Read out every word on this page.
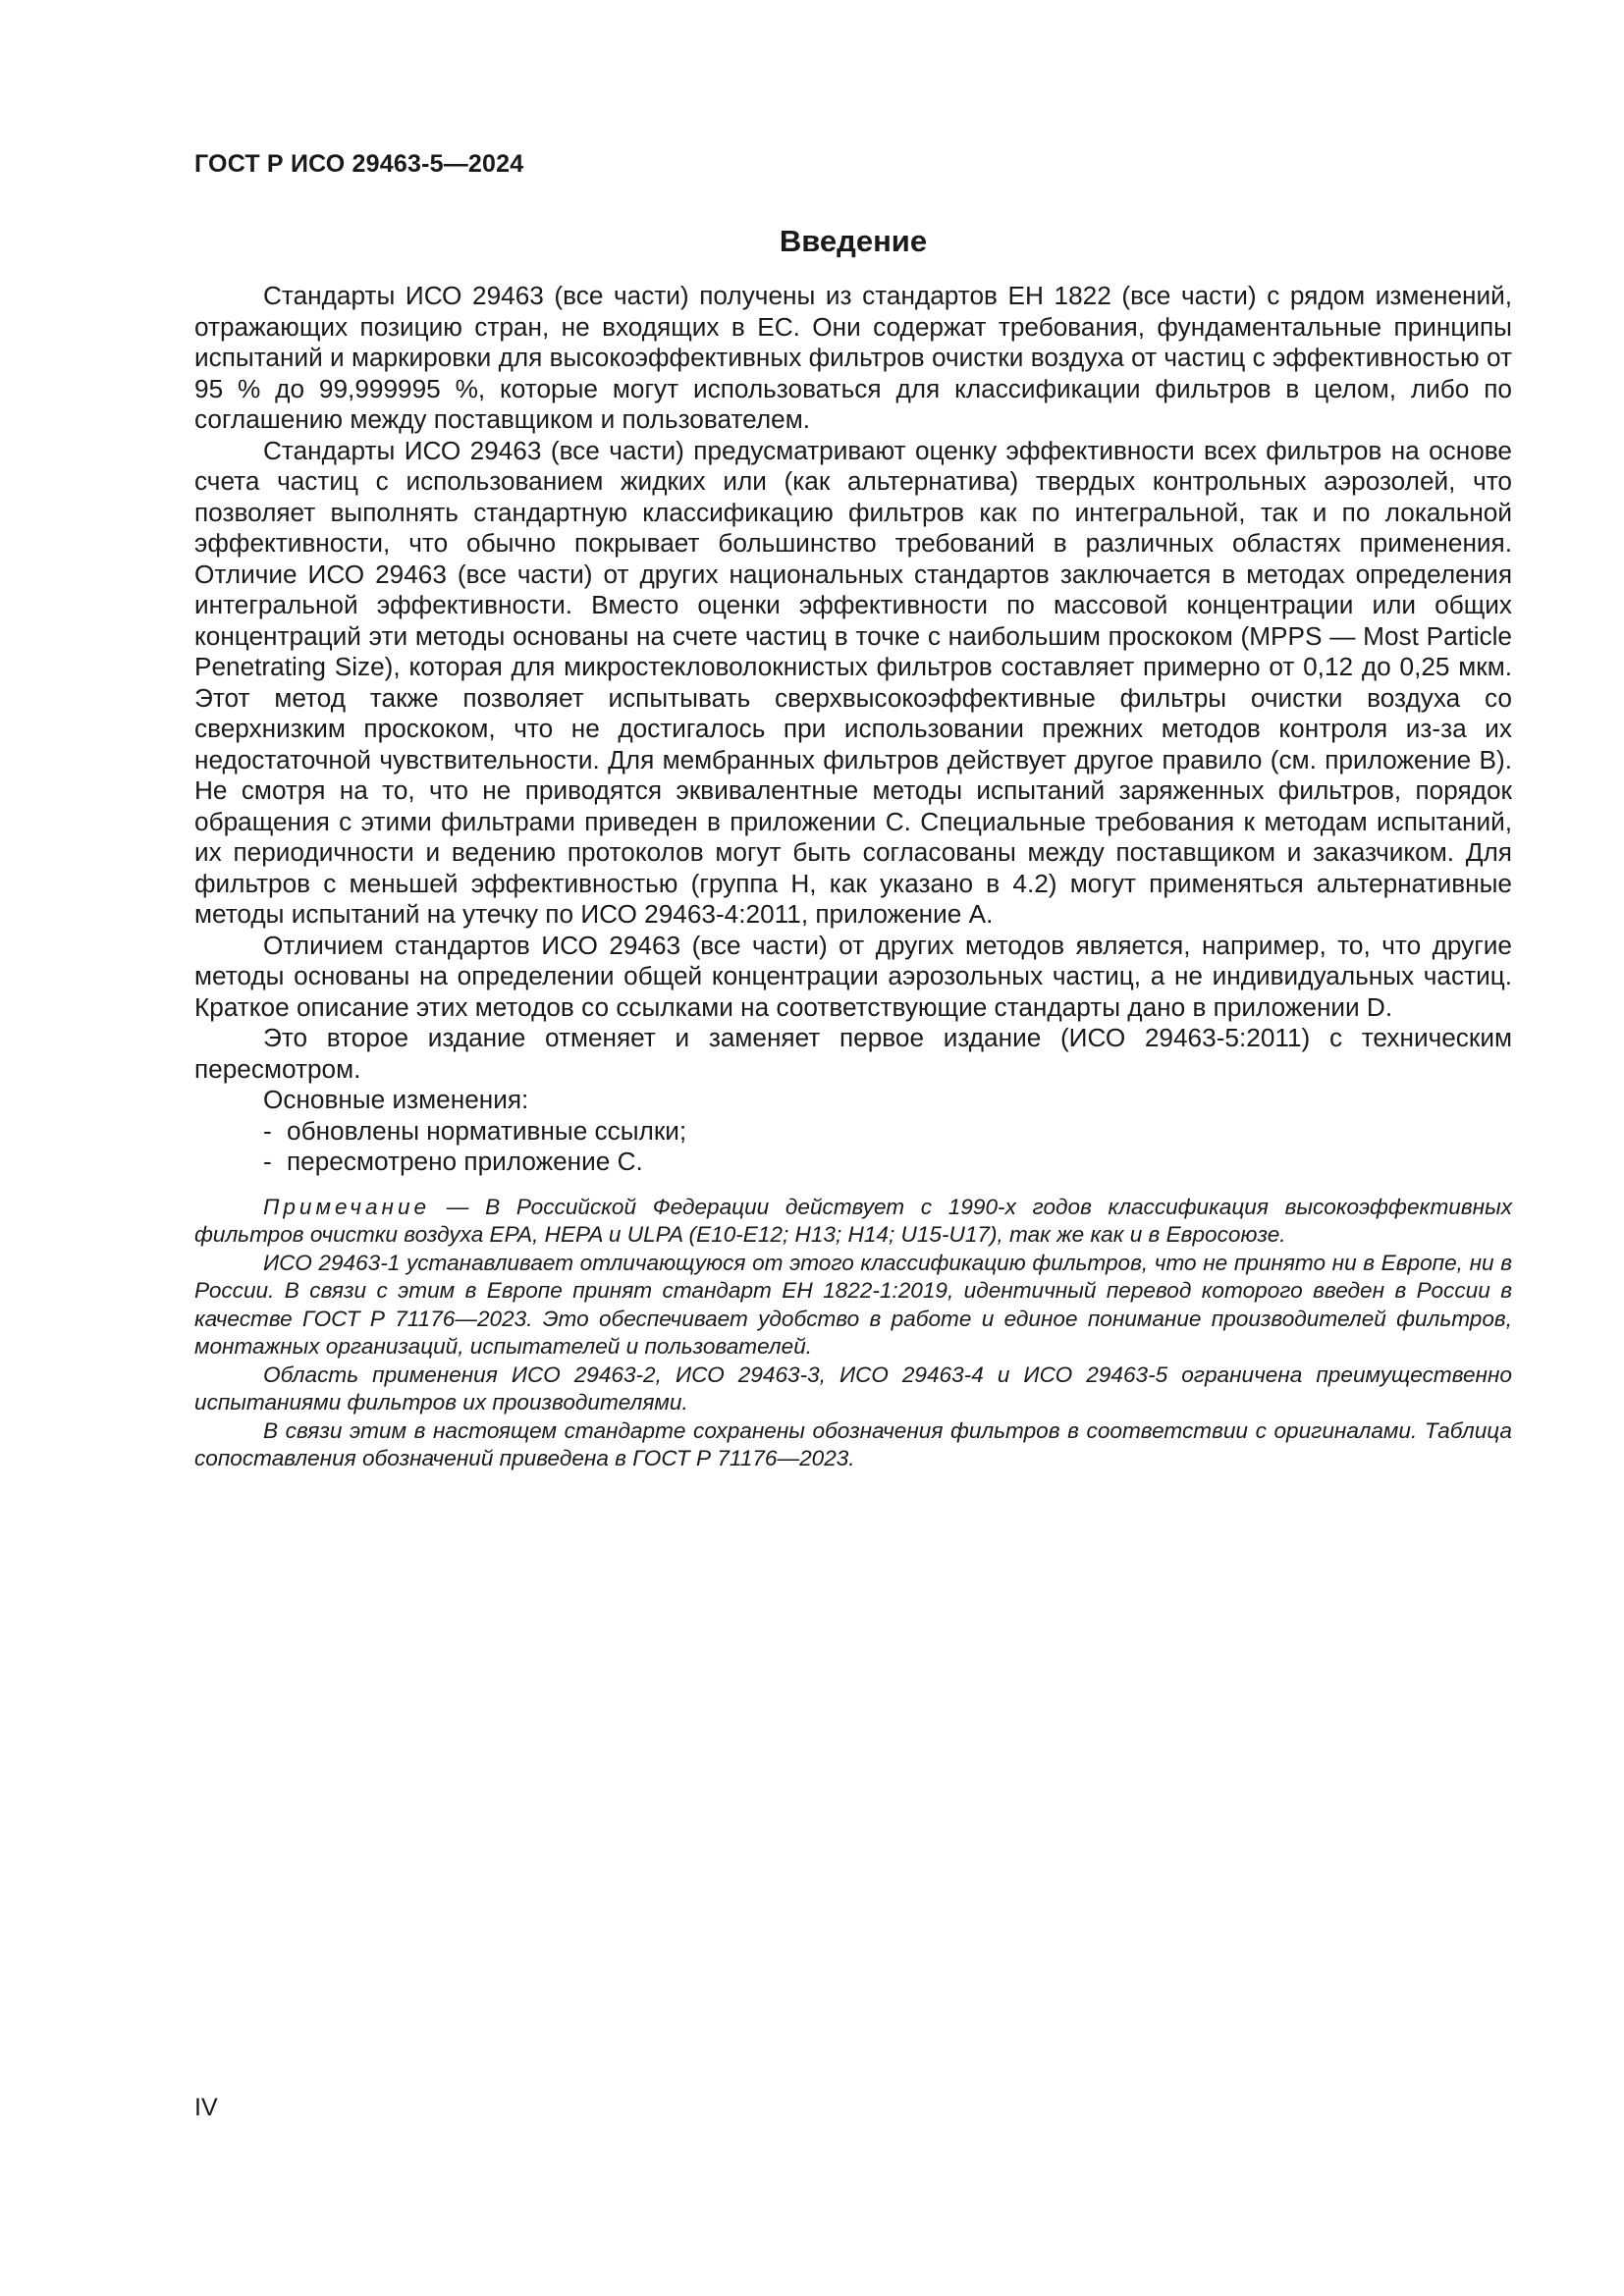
ГОСТ Р ИСО 29463-5—2024
Введение

Стандарты ИСО 29463 (все части) получены из стандартов ЕН 1822 (все части) с рядом изменений, отражающих позицию стран, не входящих в ЕС. Они содержат требования, фундаментальные принципы испытаний и маркировки для высокоэффективных фильтров очистки воздуха от частиц с эффективностью от 95 % до 99,999995 %, которые могут использоваться для классификации фильтров в целом, либо по соглашению между поставщиком и пользователем.

Стандарты ИСО 29463 (все части) предусматривают оценку эффективности всех фильтров на основе счета частиц с использованием жидких или (как альтернатива) твердых контрольных аэрозолей, что позволяет выполнять стандартную классификацию фильтров как по интегральной, так и по локальной эффективности, что обычно покрывает большинство требований в различных областях применения. Отличие ИСО 29463 (все части) от других национальных стандартов заключается в методах определения интегральной эффективности. Вместо оценки эффективности по массовой концентрации или общих концентраций эти методы основаны на счете частиц в точке с наибольшим проскоком (MPPS — Most Particle Penetrating Size), которая для микростекловолокнистых фильтров составляет примерно от 0,12 до 0,25 мкм. Этот метод также позволяет испытывать сверхвысокоэффективные фильтры очистки воздуха со сверхнизким проскоком, что не достигалось при использовании прежних методов контроля из-за их недостаточной чувствительности. Для мембранных фильтров действует другое правило (см. приложение В). Не смотря на то, что не приводятся эквивалентные методы испытаний заряженных фильтров, порядок обращения с этими фильтрами приведен в приложении С. Специальные требования к методам испытаний, их периодичности и ведению протоколов могут быть согласованы между поставщиком и заказчиком. Для фильтров с меньшей эффективностью (группа Н, как указано в 4.2) могут применяться альтернативные методы испытаний на утечку по ИСО 29463-4:2011, приложение А.

Отличием стандартов ИСО 29463 (все части) от других методов является, например, то, что другие методы основаны на определении общей концентрации аэрозольных частиц, а не индивидуальных частиц. Краткое описание этих методов со ссылками на соответствующие стандарты дано в приложении D.

Это второе издание отменяет и заменяет первое издание (ИСО 29463-5:2011) с техническим пересмотром.

Основные изменения:

- обновлены нормативные ссылки;
- пересмотрено приложение С.

Примечание — В Российской Федерации действует с 1990-х годов классификация высокоэффективных фильтров очистки воздуха EPA, HEPA и ULPA (E10-E12; H13; H14; U15-U17), так же как и в Евросоюзе.

ИСО 29463-1 устанавливает отличающуюся от этого классификацию фильтров, что не принято ни в Европе, ни в России. В связи с этим в Европе принят стандарт ЕН 1822-1:2019, идентичный перевод которого введен в России в качестве ГОСТ Р 71176—2023. Это обеспечивает удобство в работе и единое понимание производителей фильтров, монтажных организаций, испытателей и пользователей.

Область применения ИСО 29463-2, ИСО 29463-3, ИСО 29463-4 и ИСО 29463-5 ограничена преимущественно испытаниями фильтров их производителями.

В связи этим в настоящем стандарте сохранены обозначения фильтров в соответствии с оригиналами. Таблица сопоставления обозначений приведена в ГОСТ Р 71176—2023.

IV
